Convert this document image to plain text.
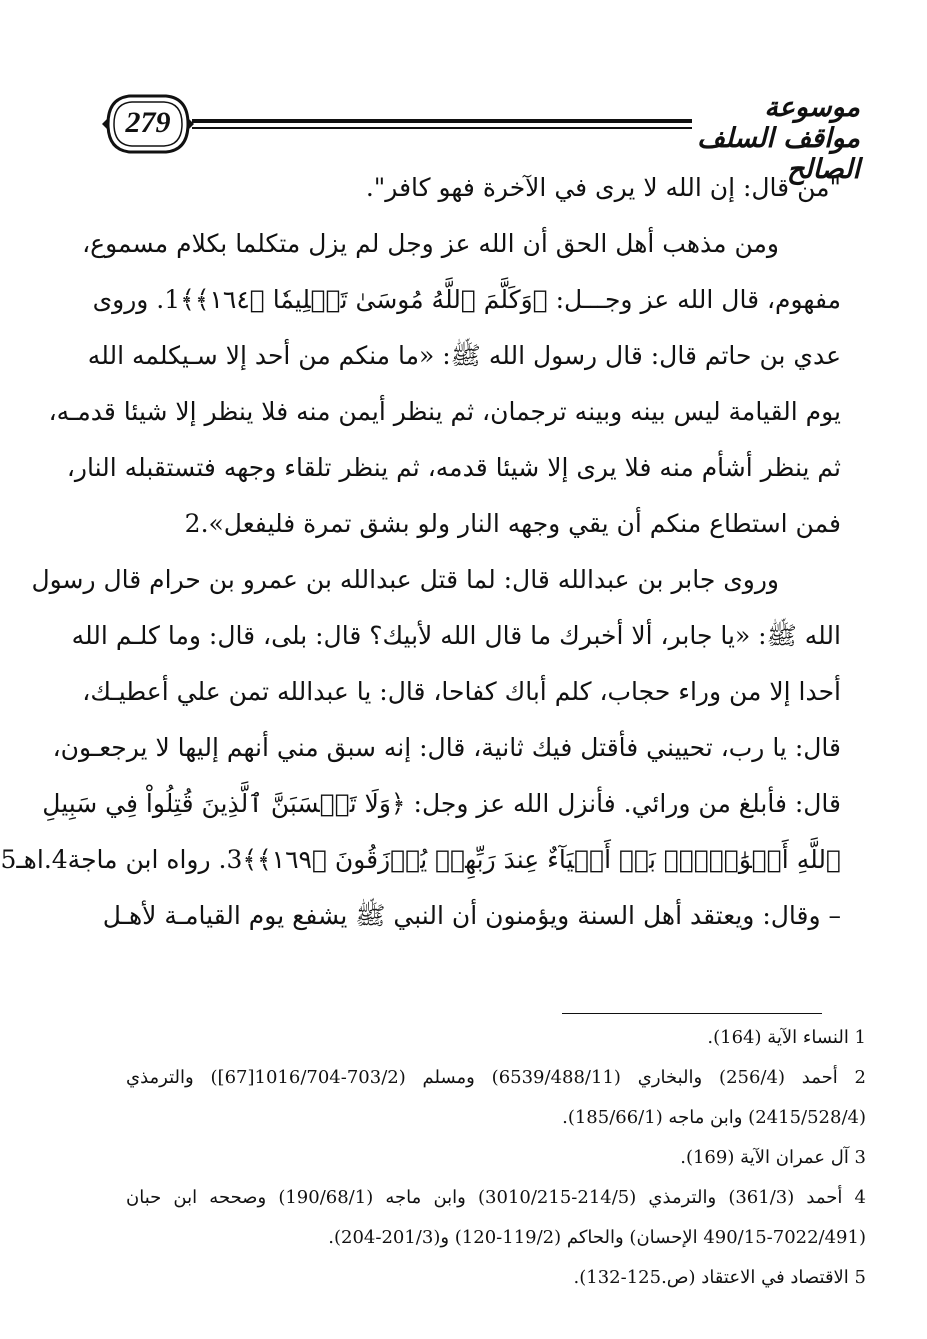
279	موسوعة مواقف السلف الصالح
"من قال: إن الله لا يرى في الآخرة فهو كافر".
ومن مذهب أهل الحق أن الله عز وجل لم يزل متكلما بكلام مسموع،
مفهوم، قال الله عز وجـــل: ﴿وَكَلَّمَ ٱللَّهُ مُوسَىٰ تَكۡلِيمٗا ﴿١٦٤﴾﴾1. وروى
عدي بن حاتم قال: قال رسول الله ﷺ: «ما منكم من أحد إلا سـيكلمه الله
يوم القيامة ليس بينه وبينه ترجمان، ثم ينظر أيمن منه فلا ينظر إلا شيئا قدمـه،
ثم ينظر أشأم منه فلا يرى إلا شيئا قدمه، ثم ينظر تلقاء وجهه فتستقبله النار،
فمن استطاع منكم أن يقي وجهه النار ولو بشق تمرة فليفعل».2
وروى جابر بن عبدالله قال: لما قتل عبدالله بن عمرو بن حرام قال رسول
الله ﷺ: «يا جابر، ألا أخبرك ما قال الله لأبيك؟ قال: بلى، قال: وما كلـم الله
أحدا إلا من وراء حجاب، كلم أباك كفاحا، قال: يا عبدالله تمن علي أعطيـك،
قال: يا رب، تحييني فأقتل فيك ثانية، قال: إنه سبق مني أنهم إليها لا يرجعـون،
قال: فأبلغ من ورائي. فأنزل الله عز وجل: ﴿وَلَا تَحۡسَبَنَّ ٱلَّذِينَ قُتِلُواْ فِي سَبِيلِ
ٱللَّهِ أَمۡوَٰتَۢاۚ بَلۡ أَحۡيَآءٌ عِندَ رَبِّهِمۡ يُرۡزَقُونَ ﴿١٦٩﴾﴾3. رواه ابن ماجة4.اهـ5
– وقال: ويعتقد أهل السنة ويؤمنون أن النبي ﷺ يشفع يوم القيامـة لأهـل
1 النساء الآية (164).
2 أحمد (256/4) والبخاري (6539/488/11) ومسلم (703/2-1016/704[67]) والترمذي
(2415/528/4) وابن ماجه (185/66/1).
3 آل عمران الآية (169).
4 أحمد (361/3) والترمذي (214/5-3010/215) وابن ماجه (190/68/1) وصححه ابن حبان
(490/15-7022/491 الإحسان) والحاكم (119/2-120) و(201/3-204).
5 الاقتصاد في الاعتقاد (ص.125-132).
